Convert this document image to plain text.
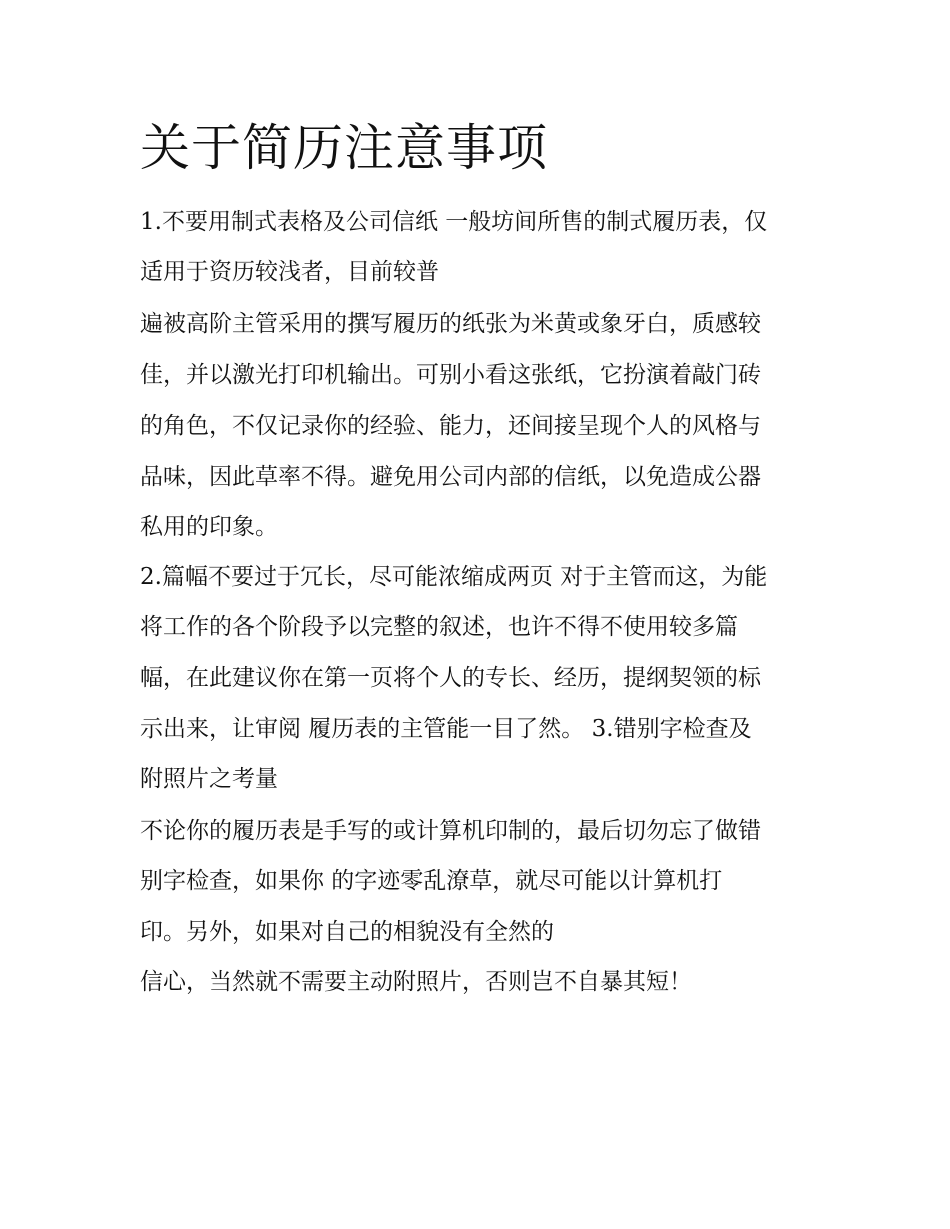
关于简历注意事项

1.不要用制式表格及公司信纸 一般坊间所售的制式履历表，仅

适用于资历较浅者，目前较普

遍被高阶主管采用的撰写履历的纸张为米黄或象牙白，质感较

佳，并以激光打印机输出。可别小看这张纸，它扮演着敲门砖

的角色，不仅记录你的经验、能力，还间接呈现个人的风格与

品味，因此草率不得。避免用公司内部的信纸，以免造成公器

私用的印象。

2.篇幅不要过于冗长，尽可能浓缩成两页 对于主管而这，为能

将工作的各个阶段予以完整的叙述，也许不得不使用较多篇

幅，在此建议你在第一页将个人的专长、经历，提纲契领的标

示出来，让审阅 履历表的主管能一目了然。 3.错别字检查及

附照片之考量

不论你的履历表是手写的或计算机印制的，最后切勿忘了做错

别字检查，如果你 的字迹零乱潦草，就尽可能以计算机打

印。另外，如果对自己的相貌没有全然的

信心，当然就不需要主动附照片，否则岂不自暴其短！
